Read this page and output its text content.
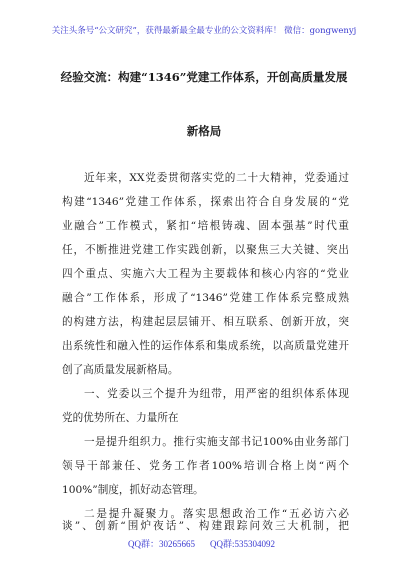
关注头条号“公文研究”，获得最新最全最专业的公文资料库！ 微信：gongwenyj
经验交流：构建“1346”党建工作体系，开创高质量发展
新格局
近年来，XX党委贯彻落实党的二十大精神，党委通过
构建“1346”党建工作体系，探索出符合自身发展的“党
业融合”工作模式，紧扣“培根铸魂、固本强基”时代重
任，不断推进党建工作实践创新，以聚焦三大关键、突出
四个重点、实施六大工程为主要载体和核心内容的“党业
融合”工作体系，形成了“1346”党建工作体系完整成熟
的构建方法，构建起层层铺开、相互联系、创新开放，突
出系统性和融入性的运作体系和集成系统，以高质量党建开
创了高质量发展新格局。
一、党委以三个提升为纽带，用严密的组织体系体现
党的优势所在、力量所在
一是提升组织力。推行实施支部书记100%由业务部门
领导干部兼任、党务工作者100%培训合格上岗“两个
100%”制度，抓好动态管理。
二是提升凝聚力。落实思想政治工作“五必访六必
QQ群：30265665 QQ群:535304092
谈”、创新“围炉夜话”、构建跟踪问效三大机制，把
